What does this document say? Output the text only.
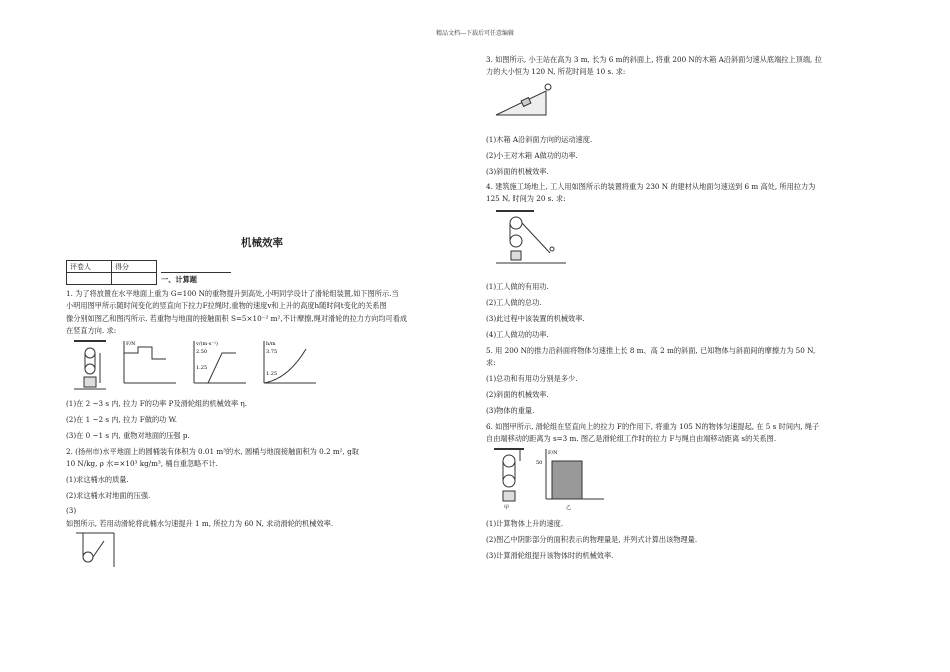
精品文档---下载后可任意编辑
机械效率
评卷人	得分

一、计算题

1. 为了将放置在水平地面上重为 G=100 N的重物提升到高处,小明同学设计了滑轮组装置,如下图所示.当

小明用图甲所示随时间变化的竖直向下拉力F拉绳时,重物的速度v和上升的高度h随时间t变化的关系图

像分别如图乙和图丙所示. 若重物与地面的接触面积 S=5×10⁻² m²,不计摩擦,绳对滑轮的拉力方向均可看成

在竖直方向. 求:

F/N	v/(m·s⁻¹)
2.50
1.25
h/m
3.75
1.25

(1)在 2 ~3 s 内, 拉力 F的功率 P及滑轮组的机械效率 η.

(2)在 1 ~2 s 内, 拉力 F做的功 W.

(3)在 0 ~1 s 内, 重物对地面的压强 p.

2. (扬州市)水平地面上的圆桶装有体积为 0.01 m³的水, 圆桶与地面接触面积为 0.2 m², g取

10 N/kg, ρ 水=×10³ kg/m³, 桶自重忽略不计.

(1)求这桶水的质量.

(2)求这桶水对地面的压强.

(3)

如图所示, 若用动滑轮将此桶水匀速提升 1 m, 所拉力为 60 N, 求动滑轮的机械效率.

3. 如图所示, 小王站在高为 3 m, 长为 6 m的斜面上, 将重 200 N的木箱 A沿斜面匀速从底端拉上顶端, 拉

力的大小恒为 120 N, 所花时间是 10 s. 求:

(1)木箱 A沿斜面方向的运动速度.

(2)小王对木箱 A做功的功率.

(3)斜面的机械效率.

4. 建筑施工场地上, 工人用如图所示的装置将重为 230 N 的建材从地面匀速送到 6 m 高处, 所用拉力为

125 N, 时间为 20 s. 求:

(1)工人做的有用功.

(2)工人做的总功.

(3)此过程中该装置的机械效率.

(4)工人做功的功率.

5. 用 200 N的推力沿斜面将物体匀速推上长 8 m、高 2 m的斜面, 已知物体与斜面间的摩擦力为 50 N,

求:

(1)总功和有用功分别是多少.

(2)斜面的机械效率.

(3)物体的重量.

6. 如图甲所示, 滑轮组在竖直向上的拉力 F的作用下, 将重为 105 N的物体匀速提起, 在 5 s 时间内, 绳子

自由端移动的距离为 s=3 m. 图乙是滑轮组工作时的拉力 F与绳自由端移动距离 s的关系图.

甲
F/N
50
乙

(1)计算物体上升的速度.

(2)图乙中阴影部分的面积表示的物理量是, 并列式计算出该物理量.

(3)计算滑轮组提升该物体时的机械效率.
